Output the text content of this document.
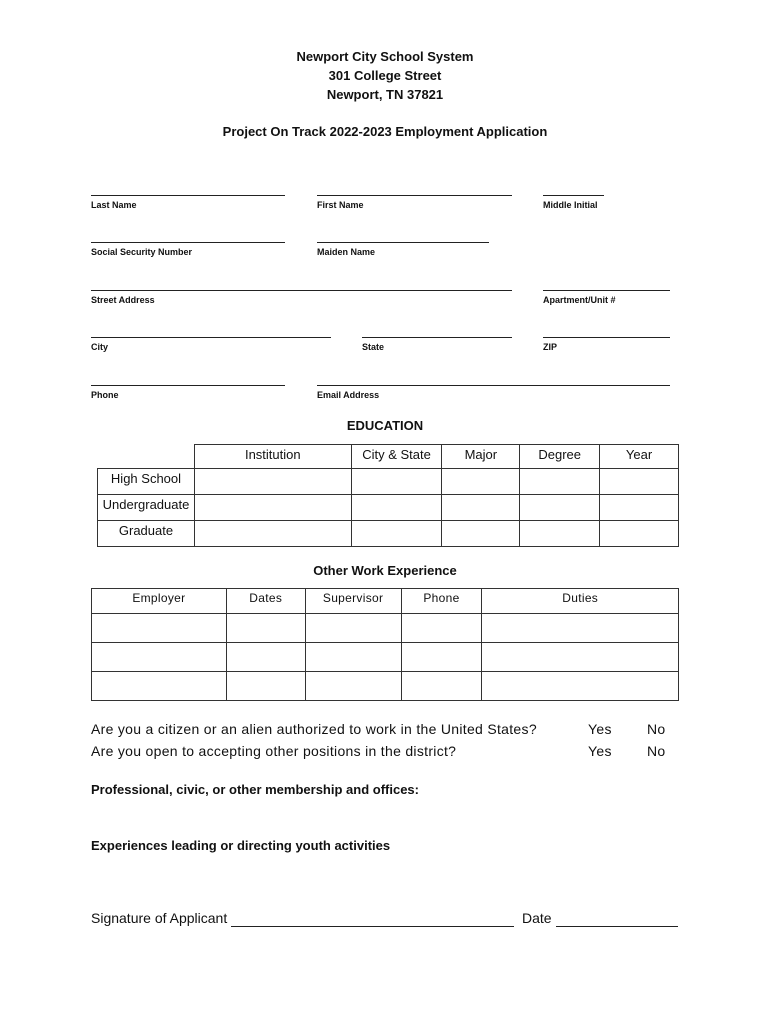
Newport City School System
301 College Street
Newport, TN 37821
Project On Track 2022-2023 Employment Application
Last Name	First Name	Middle Initial
Social Security Number	Maiden Name
Street Address	Apartment/Unit #
City	State	ZIP
Phone	Email Address
EDUCATION
	Institution	City & State	Major	Degree	Year
High School					
Undergraduate					
Graduate					
Other Work Experience
Employer	Dates	Supervisor	Phone	Duties

Are you a citizen or an alien authorized to work in the United States?	Yes	No
Are you open to accepting other positions in the district?	Yes	No
Professional, civic, or other membership and offices:
Experiences leading or directing youth activities
Signature of Applicant	Date
